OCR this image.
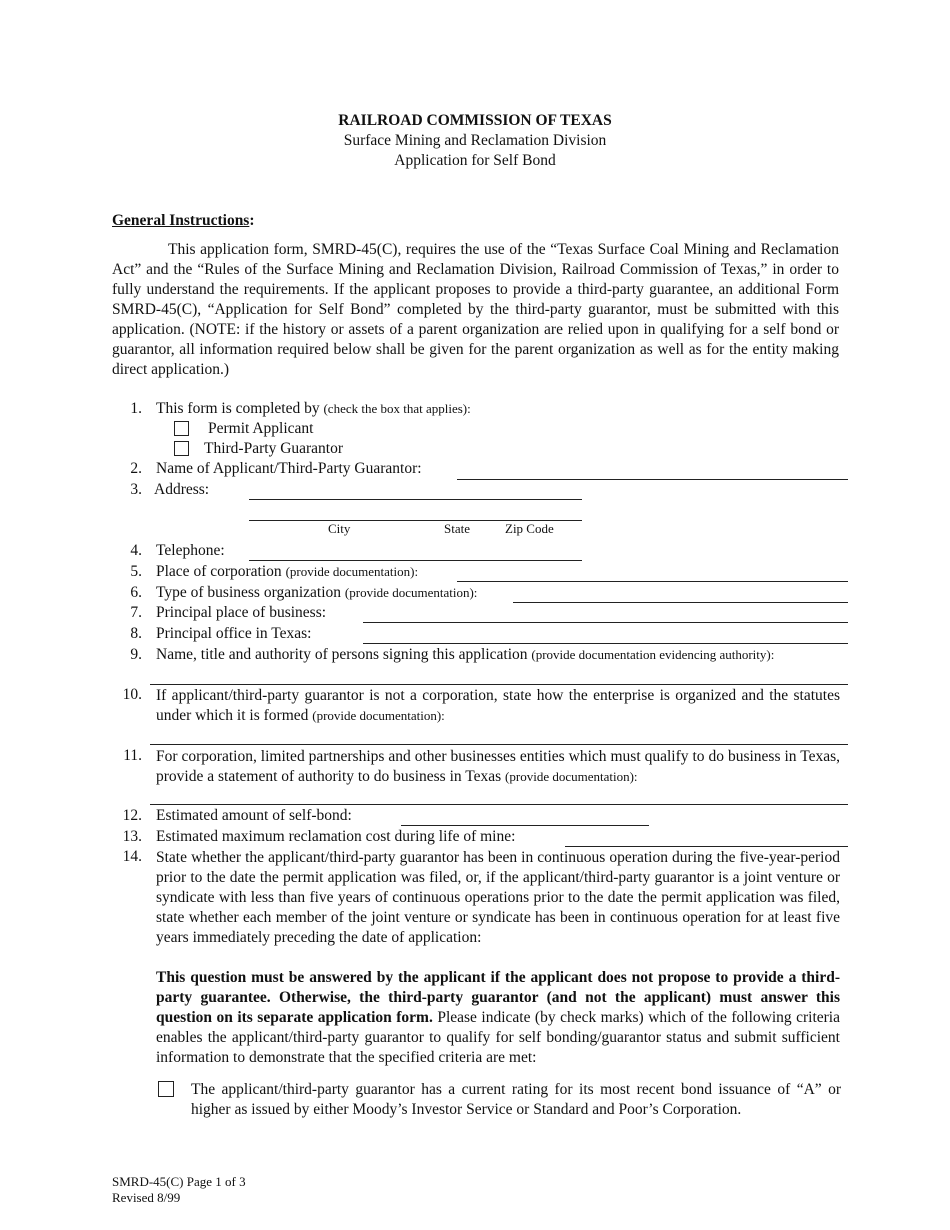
RAILROAD COMMISSION OF TEXAS
Surface Mining and Reclamation Division
Application for Self Bond
General Instructions:
This application form, SMRD-45(C), requires the use of the “Texas Surface Coal Mining and Reclamation Act” and the “Rules of the Surface Mining and Reclamation Division, Railroad Commission of Texas,” in order to fully understand the requirements. If the applicant proposes to provide a third-party guarantee, an additional Form SMRD-45(C), “Application for Self Bond” completed by the third-party guarantor, must be submitted with this application. (NOTE: if the history or assets of a parent organization are relied upon in qualifying for a self bond or guarantor, all information required below shall be given for the parent organization as well as for the entity making direct application.)
1. This form is completed by (check the box that applies):
Permit Applicant
Third-Party Guarantor
2. Name of Applicant/Third-Party Guarantor:
3. Address:
City	State	Zip Code
4. Telephone:
5. Place of corporation (provide documentation):
6. Type of business organization (provide documentation):
7. Principal place of business:
8. Principal office in Texas:
9. Name, title and authority of persons signing this application (provide documentation evidencing authority):
10. If applicant/third-party guarantor is not a corporation, state how the enterprise is organized and the statutes under which it is formed (provide documentation):
11. For corporation, limited partnerships and other businesses entities which must qualify to do business in Texas, provide a statement of authority to do business in Texas (provide documentation):
12. Estimated amount of self-bond:
13. Estimated maximum reclamation cost during life of mine:
14. State whether the applicant/third-party guarantor has been in continuous operation during the five-year-period prior to the date the permit application was filed, or, if the applicant/third-party guarantor is a joint venture or syndicate with less than five years of continuous operations prior to the date the permit application was filed, state whether each member of the joint venture or syndicate has been in continuous operation for at least five years immediately preceding the date of application:
This question must be answered by the applicant if the applicant does not propose to provide a third-party guarantee. Otherwise, the third-party guarantor (and not the applicant) must answer this question on its separate application form. Please indicate (by check marks) which of the following criteria enables the applicant/third-party guarantor to qualify for self bonding/guarantor status and submit sufficient information to demonstrate that the specified criteria are met:
The applicant/third-party guarantor has a current rating for its most recent bond issuance of “A” or higher as issued by either Moody’s Investor Service or Standard and Poor’s Corporation.
SMRD-45(C) Page 1 of 3
Revised 8/99
